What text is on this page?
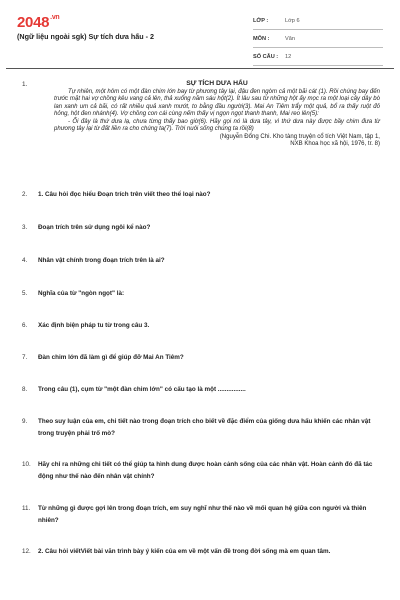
$2048^{.vn}$
(Ngữ liệu ngoài sgk) Sự tích dưa hấu - 2
LỚP :	Lớp 6
MÔN :	Văn
SỐ CÂU :	12
1.	SỰ TÍCH DƯA HẤU

Tự nhiên, một hôm có một đàn chim lớn bay từ phương tây lại, đậu đen ngòm cả một bãi cát (1). Rồi chúng bay đến trước mặt hai vợ chồng kêu vang cả lên, thả xuống năm sáu hột(2). Ít lâu sau từ những hột ấy mọc ra một loại cây dây bò lan xanh um cả bãi, có rất nhiều quả xanh mướt, to bằng đầu người(3). Mai An Tiêm trẩy một quả, bổ ra thấy ruột đỏ hỏng, hột đen nhánh(4). Vợ chồng con cái cùng nếm thấy vị ngọn ngọt thanh thanh, Mai reo lên(5):

- Ối đây là thứ dưa lạ, chưa từng thấy bao giờ(6). Hãy gọi nó là dưa tây, vì thứ dưa này được bầy chim đưa từ phương tây lại từ đất liền ra cho chúng ta(7). Trời nuôi sống chúng ta rồi(8)

(Nguyễn Đổng Chi. Kho tàng truyện cổ tích Việt Nam, tập 1,
NXB Khoa học xã hội, 1976, tr. 8)
2. 1. Câu hỏi đọc hiểu Đoạn trích trên viết theo thể loại nào?
3. Đoạn trích trên sử dụng ngôi kể nào?
4. Nhân vật chính trong đoạn trích trên là ai?
5. Nghĩa của từ "ngòn ngọt" là:
6. Xác định biện pháp tu từ trong câu 3.
7. Đàn chim lớn đã làm gì để giúp đỡ Mai An Tiêm?
8. Trong câu (1), cụm từ "một đàn chim lớn" có cấu tạo là một ................
9. Theo suy luận của em, chi tiết nào trong đoạn trích cho biết về đặc điểm của giống dưa hấu khiến các nhân vật trong truyện phải trố mò?
10. Hãy chỉ ra những chi tiết có thể giúp ta hình dung được hoàn cảnh sống của các nhân vật. Hoàn cảnh đó đã tác động như thế nào đến nhân vật chính?
11. Từ những gì được gợi lên trong đoạn trích, em suy nghĩ như thế nào về mối quan hệ giữa con người và thiên nhiên?
12. 2. Câu hỏi viếtViết bài văn trình bày ý kiến của em về một vấn đề trong đời sống mà em quan tâm.
